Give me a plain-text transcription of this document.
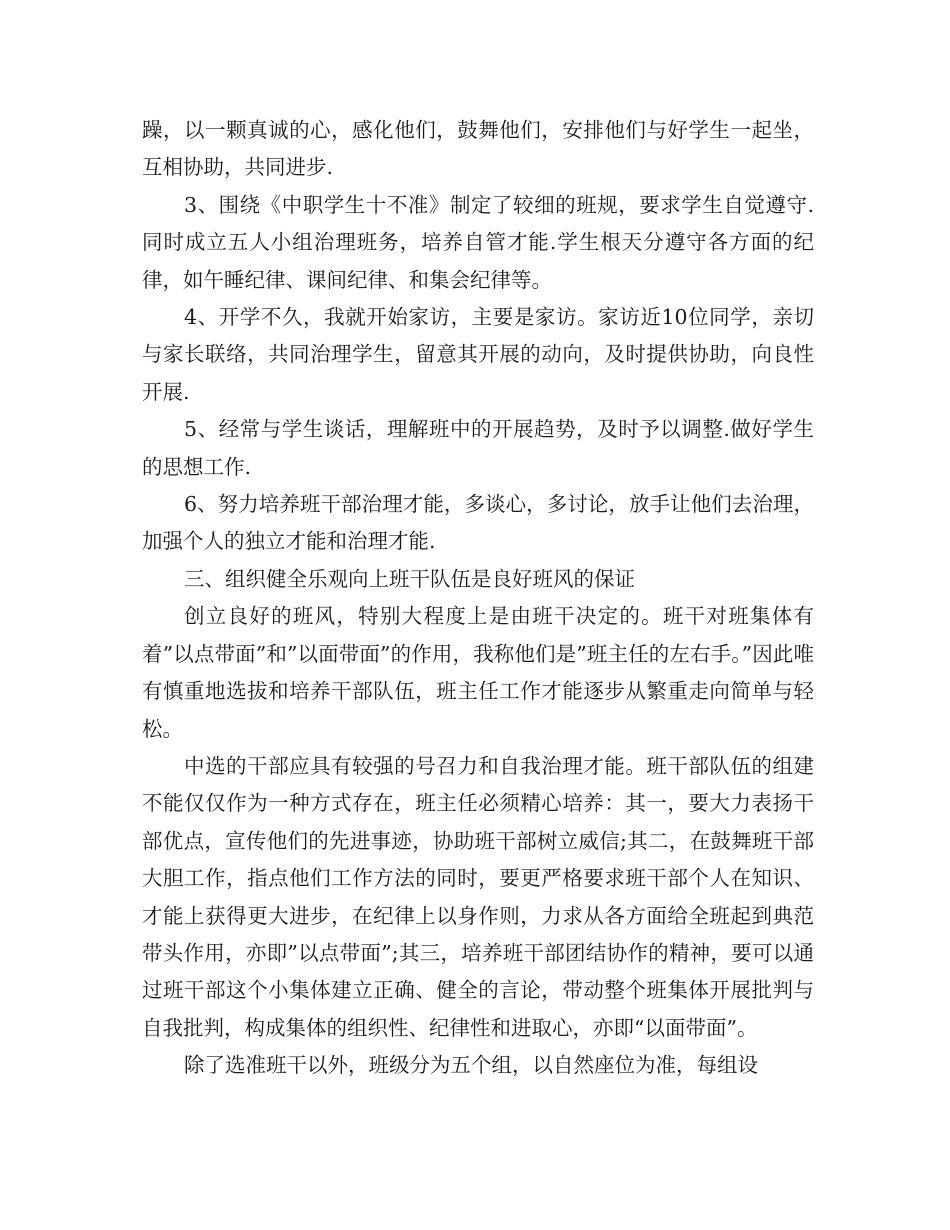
躁，以一颗真诚的心，感化他们，鼓舞他们，安排他们与好学生一起坐，互相协助，共同进步.

3、围绕《中职学生十不准》制定了较细的班规，要求学生自觉遵守.同时成立五人小组治理班务，培养自管才能.学生根天分遵守各方面的纪律，如午睡纪律、课间纪律、和集会纪律等。

4、开学不久，我就开始家访，主要是家访。家访近10位同学，亲切与家长联络，共同治理学生，留意其开展的动向，及时提供协助，向良性开展.

5、经常与学生谈话，理解班中的开展趋势，及时予以调整.做好学生的思想工作.

6、努力培养班干部治理才能，多谈心，多讨论，放手让他们去治理，加强个人的独立才能和治理才能.

三、组织健全乐观向上班干队伍是良好班风的保证

创立良好的班风，特别大程度上是由班干决定的。班干对班集体有着”以点带面”和”以面带面”的作用，我称他们是”班主任的左右手。”因此唯有慎重地选拔和培养干部队伍，班主任工作才能逐步从繁重走向简单与轻松。

中选的干部应具有较强的号召力和自我治理才能。班干部队伍的组建不能仅仅作为一种方式存在，班主任必须精心培养：其一，要大力表扬干部优点，宣传他们的先进事迹，协助班干部树立威信;其二，在鼓舞班干部大胆工作，指点他们工作方法的同时，要更严格要求班干部个人在知识、才能上获得更大进步，在纪律上以身作则，力求从各方面给全班起到典范带头作用，亦即”以点带面”;其三，培养班干部团结协作的精神，要可以通过班干部这个小集体建立正确、健全的言论，带动整个班集体开展批判与自我批判，构成集体的组织性、纪律性和进取心，亦即“以面带面”。

除了选准班干以外，班级分为五个组，以自然座位为准，每组设
